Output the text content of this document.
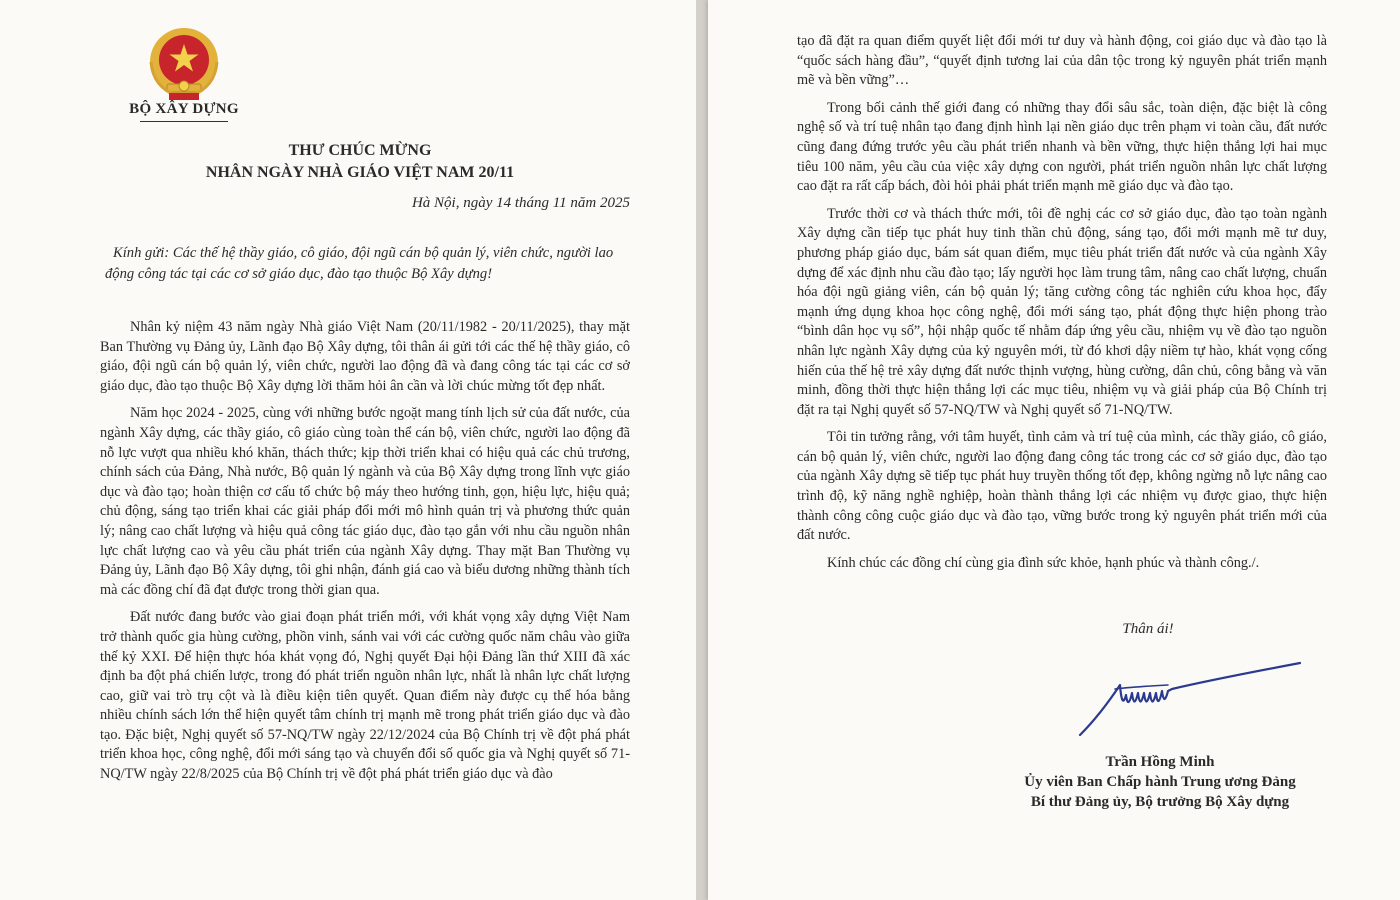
BỘ XÂY DỰNG
THƯ CHÚC MỪNG
NHÂN NGÀY NHÀ GIÁO VIỆT NAM 20/11
Hà Nội, ngày 14 tháng 11 năm 2025
Kính gửi: Các thế hệ thầy giáo, cô giáo, đội ngũ cán bộ quản lý, viên chức, người lao động công tác tại các cơ sở giáo dục, đào tạo thuộc Bộ Xây dựng!

Nhân kỷ niệm 43 năm ngày Nhà giáo Việt Nam (20/11/1982 - 20/11/2025), thay mặt Ban Thường vụ Đảng ủy, Lãnh đạo Bộ Xây dựng, tôi thân ái gửi tới các thế hệ thầy giáo, cô giáo, đội ngũ cán bộ quản lý, viên chức, người lao động đã và đang công tác tại các cơ sở giáo dục, đào tạo thuộc Bộ Xây dựng lời thăm hỏi ân cần và lời chúc mừng tốt đẹp nhất.

Năm học 2024 - 2025, cùng với những bước ngoặt mang tính lịch sử của đất nước, của ngành Xây dựng, các thầy giáo, cô giáo cùng toàn thể cán bộ, viên chức, người lao động đã nỗ lực vượt qua nhiều khó khăn, thách thức; kịp thời triển khai có hiệu quả các chủ trương, chính sách của Đảng, Nhà nước, Bộ quản lý ngành và của Bộ Xây dựng trong lĩnh vực giáo dục và đào tạo; hoàn thiện cơ cấu tổ chức bộ máy theo hướng tinh, gọn, hiệu lực, hiệu quả; chủ động, sáng tạo triển khai các giải pháp đổi mới mô hình quản trị và phương thức quản lý; nâng cao chất lượng và hiệu quả công tác giáo dục, đào tạo gắn với nhu cầu nguồn nhân lực chất lượng cao và yêu cầu phát triển của ngành Xây dựng. Thay mặt Ban Thường vụ Đảng ủy, Lãnh đạo Bộ Xây dựng, tôi ghi nhận, đánh giá cao và biểu dương những thành tích mà các đồng chí đã đạt được trong thời gian qua.

Đất nước đang bước vào giai đoạn phát triển mới, với khát vọng xây dựng Việt Nam trở thành quốc gia hùng cường, phồn vinh, sánh vai với các cường quốc năm châu vào giữa thế kỷ XXI. Để hiện thực hóa khát vọng đó, Nghị quyết Đại hội Đảng lần thứ XIII đã xác định ba đột phá chiến lược, trong đó phát triển nguồn nhân lực, nhất là nhân lực chất lượng cao, giữ vai trò trụ cột và là điều kiện tiên quyết. Quan điểm này được cụ thể hóa bằng nhiều chính sách lớn thể hiện quyết tâm chính trị mạnh mẽ trong phát triển giáo dục và đào tạo. Đặc biệt, Nghị quyết số 57-NQ/TW ngày 22/12/2024 của Bộ Chính trị về đột phá phát triển khoa học, công nghệ, đổi mới sáng tạo và chuyển đổi số quốc gia và Nghị quyết số 71-NQ/TW ngày 22/8/2025 của Bộ Chính trị về đột phá phát triển giáo dục và đào

tạo đã đặt ra quan điểm quyết liệt đổi mới tư duy và hành động, coi giáo dục và đào tạo là “quốc sách hàng đầu”, “quyết định tương lai của dân tộc trong kỷ nguyên phát triển mạnh mẽ và bền vững”…

Trong bối cảnh thế giới đang có những thay đổi sâu sắc, toàn diện, đặc biệt là công nghệ số và trí tuệ nhân tạo đang định hình lại nền giáo dục trên phạm vi toàn cầu, đất nước cũng đang đứng trước yêu cầu phát triển nhanh và bền vững, thực hiện thắng lợi hai mục tiêu 100 năm, yêu cầu của việc xây dựng con người, phát triển nguồn nhân lực chất lượng cao đặt ra rất cấp bách, đòi hỏi phải phát triển mạnh mẽ giáo dục và đào tạo.

Trước thời cơ và thách thức mới, tôi đề nghị các cơ sở giáo dục, đào tạo toàn ngành Xây dựng cần tiếp tục phát huy tinh thần chủ động, sáng tạo, đổi mới mạnh mẽ tư duy, phương pháp giáo dục, bám sát quan điểm, mục tiêu phát triển đất nước và của ngành Xây dựng để xác định nhu cầu đào tạo; lấy người học làm trung tâm, nâng cao chất lượng, chuẩn hóa đội ngũ giảng viên, cán bộ quản lý; tăng cường công tác nghiên cứu khoa học, đẩy mạnh ứng dụng khoa học công nghệ, đổi mới sáng tạo, phát động thực hiện phong trào “bình dân học vụ số”, hội nhập quốc tế nhằm đáp ứng yêu cầu, nhiệm vụ về đào tạo nguồn nhân lực ngành Xây dựng của kỷ nguyên mới, từ đó khơi dậy niềm tự hào, khát vọng cống hiến của thế hệ trẻ xây dựng đất nước thịnh vượng, hùng cường, dân chủ, công bằng và văn minh, đồng thời thực hiện thắng lợi các mục tiêu, nhiệm vụ và giải pháp của Bộ Chính trị đặt ra tại Nghị quyết số 57-NQ/TW và Nghị quyết số 71-NQ/TW.

Tôi tin tưởng rằng, với tâm huyết, tình cảm và trí tuệ của mình, các thầy giáo, cô giáo, cán bộ quản lý, viên chức, người lao động đang công tác trong các cơ sở giáo dục, đào tạo của ngành Xây dựng sẽ tiếp tục phát huy truyền thống tốt đẹp, không ngừng nỗ lực nâng cao trình độ, kỹ năng nghề nghiệp, hoàn thành thắng lợi các nhiệm vụ được giao, thực hiện thành công công cuộc giáo dục và đào tạo, vững bước trong kỷ nguyên phát triển mới của đất nước.

Kính chúc các đồng chí cùng gia đình sức khỏe, hạnh phúc và thành công./.

Thân ái!
Trần Hồng Minh
Ủy viên Ban Chấp hành Trung ương Đảng
Bí thư Đảng ủy, Bộ trưởng Bộ Xây dựng
